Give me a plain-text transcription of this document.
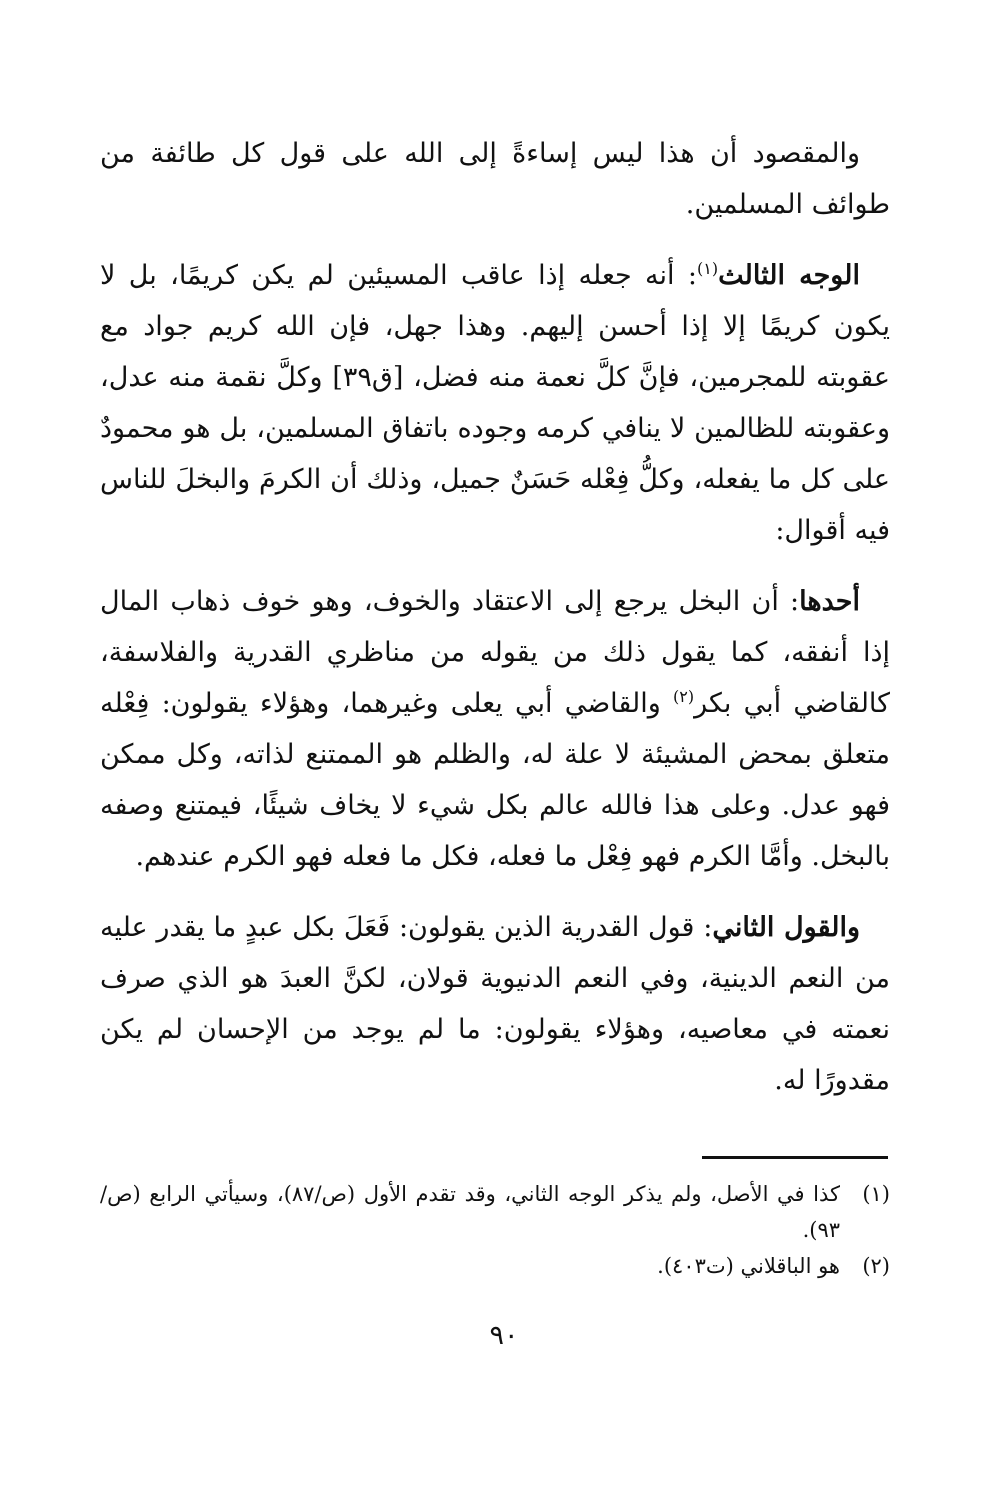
والمقصود أن هذا ليس إساءةً إلى الله على قول كل طائفة من طوائف المسلمين.

الوجه الثالث$^{(١)}$: أنه جعله إذا عاقب المسيئين لم يكن كريمًا، بل لا يكون كريمًا إلا إذا أحسن إليهم. وهذا جهل، فإن الله كريم جواد مع عقوبته للمجرمين، فإنَّ كلَّ نعمة منه فضل، [ق٣٩] وكلَّ نقمة منه عدل، وعقوبته للظالمين لا ينافي كرمه وجوده باتفاق المسلمين، بل هو محمودٌ على كل ما يفعله، وكلُّ فِعْله حَسَنٌ جميل، وذلك أن الكرمَ والبخلَ للناس فيه أقوال:

أحدها: أن البخل يرجع إلى الاعتقاد والخوف، وهو خوف ذهاب المال إذا أنفقه، كما يقول ذلك من يقوله من مناظري القدرية والفلاسفة، كالقاضي أبي بكر$^{(٢)}$ والقاضي أبي يعلى وغيرهما، وهؤلاء يقولون: فِعْله متعلق بمحض المشيئة لا علة له، والظلم هو الممتنع لذاته، وكل ممكن فهو عدل. وعلى هذا فالله عالم بكل شيء لا يخاف شيئًا، فيمتنع وصفه بالبخل. وأمَّا الكرم فهو فِعْل ما فعله، فكل ما فعله فهو الكرم عندهم.

والقول الثاني: قول القدرية الذين يقولون: فَعَلَ بكل عبدٍ ما يقدر عليه من النعم الدينية، وفي النعم الدنيوية قولان، لكنَّ العبدَ هو الذي صرف نعمته في معاصيه، وهؤلاء يقولون: ما لم يوجد من الإحسان لم يكن مقدورًا له.

(١)
كذا في الأصل، ولم يذكر الوجه الثاني، وقد تقدم الأول (ص/٨٧)، وسيأتي الرابع (ص/٩٣).
(٢)
هو الباقلاني (ت٤٠٣).
٩٠
